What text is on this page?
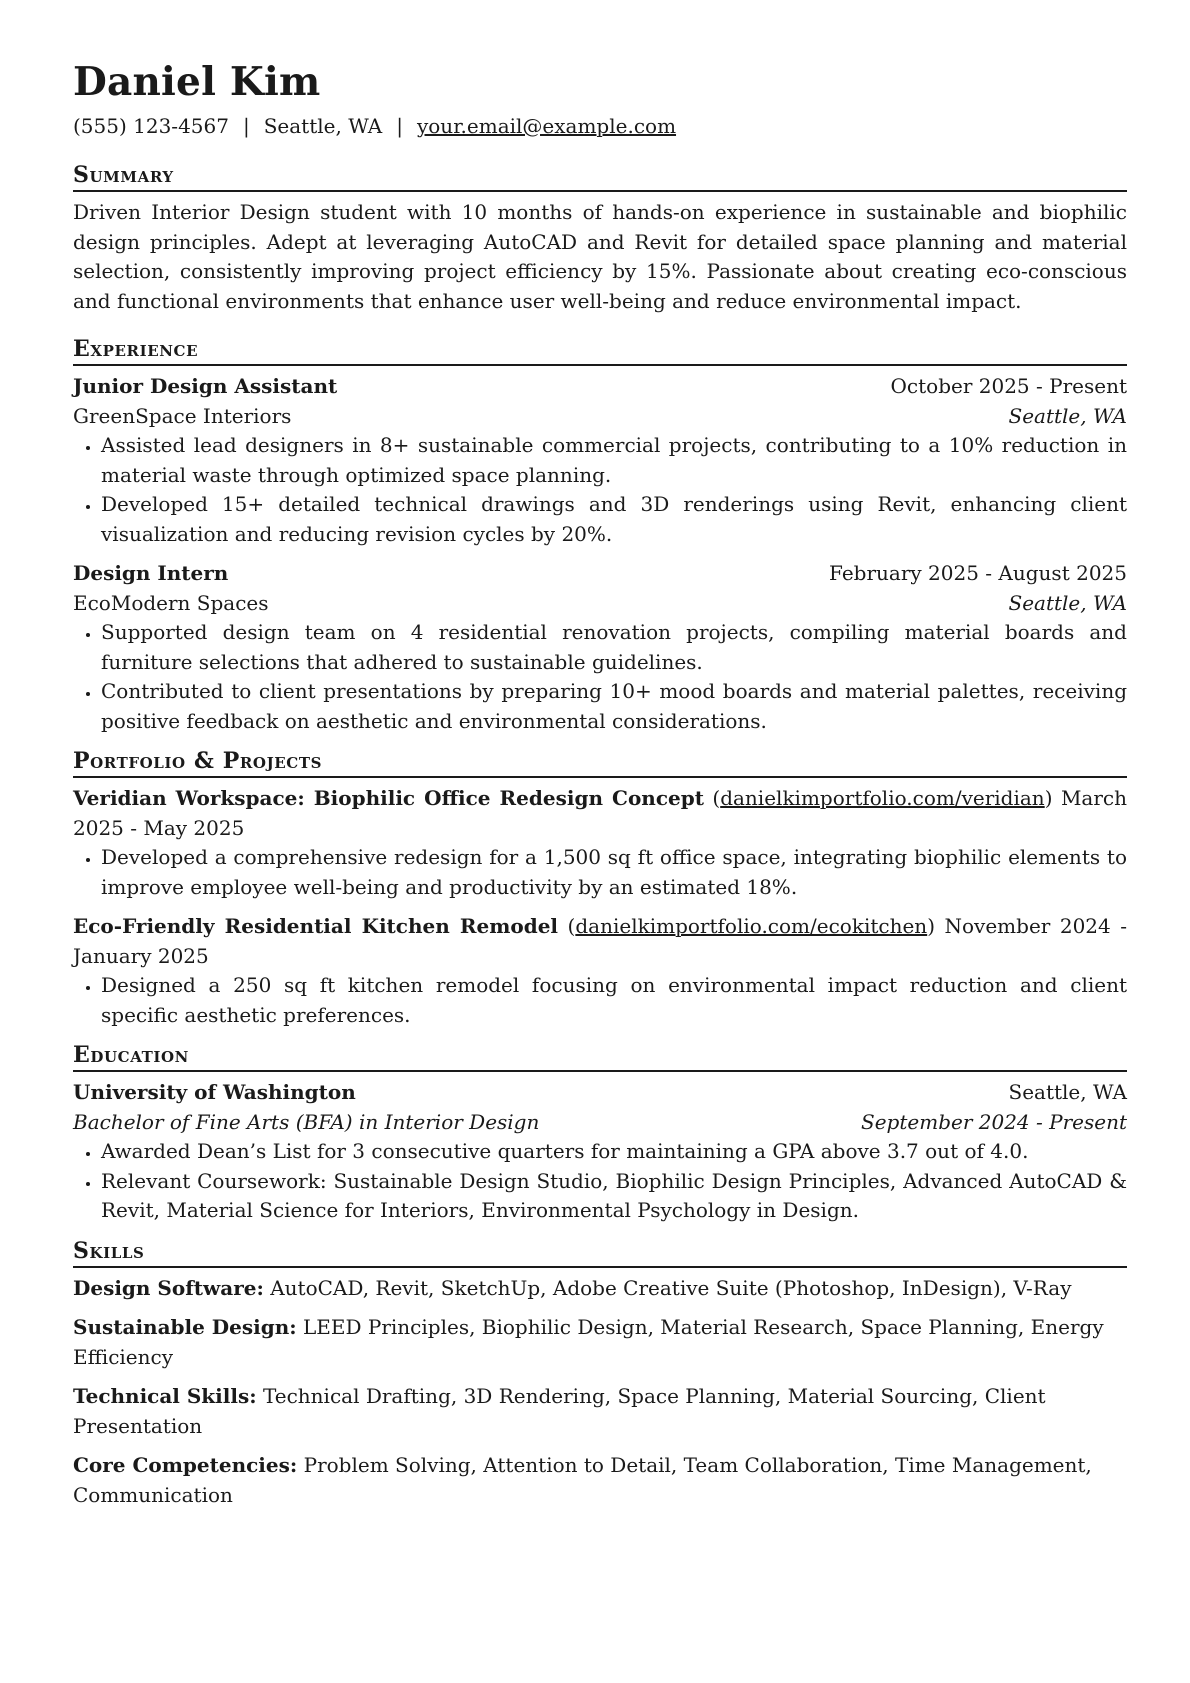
Daniel Kim
(555) 123-4567 | Seattle, WA | your.email@example.com
Summary

Driven Interior Design student with 10 months of hands-on experience in sustainable and biophilic design principles. Adept at leveraging AutoCAD and Revit for detailed space planning and material selection, consistently improving project efficiency by 15%. Passionate about creating eco-conscious and functional environments that enhance user well-being and reduce environmental impact.

Experience
Junior Design Assistant	October 2025 - Present
GreenSpace Interiors	Seattle, WA
• Assisted lead designers in 8+ sustainable commercial projects, contributing to a 10% reduction in material waste through optimized space planning.
• Developed 15+ detailed technical drawings and 3D renderings using Revit, enhancing client visualization and reducing revision cycles by 20%.
Design Intern	February 2025 - August 2025
EcoModern Spaces	Seattle, WA
• Supported design team on 4 residential renovation projects, compiling material boards and furniture selections that adhered to sustainable guidelines.
• Contributed to client presentations by preparing 10+ mood boards and material palettes, receiving positive feedback on aesthetic and environmental considerations.
Portfolio & Projects
Veridian Workspace: Biophilic Office Redesign Concept (danielkimportfolio.com/veridian) March 2025 - May 2025
• Developed a comprehensive redesign for a 1,500 sq ft office space, integrating biophilic elements to improve employee well-being and productivity by an estimated 18%.
Eco-Friendly Residential Kitchen Remodel (danielkimportfolio.com/ecokitchen) November 2024 - January 2025
• Designed a 250 sq ft kitchen remodel focusing on environmental impact reduction and client specific aesthetic preferences.
Education
University of Washington	Seattle, WA
Bachelor of Fine Arts (BFA) in Interior Design	September 2024 - Present
• Awarded Dean’s List for 3 consecutive quarters for maintaining a GPA above 3.7 out of 4.0.
• Relevant Coursework: Sustainable Design Studio, Biophilic Design Principles, Advanced AutoCAD & Revit, Material Science for Interiors, Environmental Psychology in Design.
Skills

Design Software: AutoCAD, Revit, SketchUp, Adobe Creative Suite (Photoshop, InDesign), V-Ray

Sustainable Design: LEED Principles, Biophilic Design, Material Research, Space Planning, Energy Efficiency

Technical Skills: Technical Drafting, 3D Rendering, Space Planning, Material Sourcing, Client Presentation

Core Competencies: Problem Solving, Attention to Detail, Team Collaboration, Time Management, Communication
